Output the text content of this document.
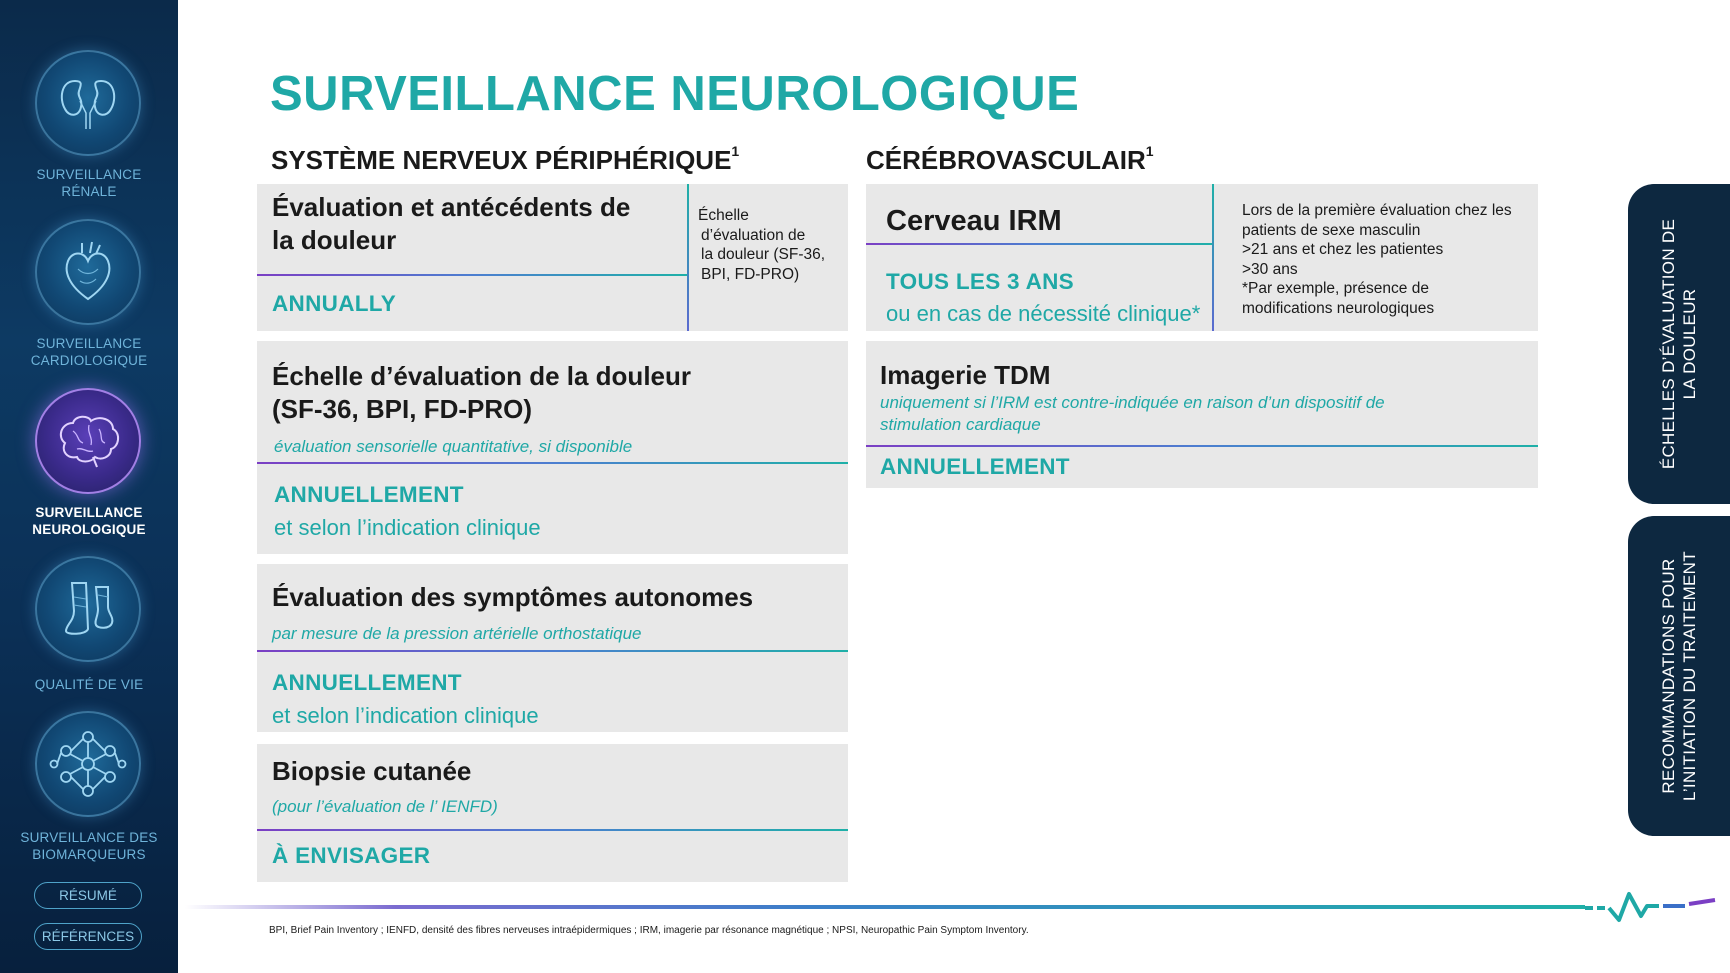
SURVEILLANCE
RÉNALE
SURVEILLANCE
CARDIOLOGIQUE
SURVEILLANCE
NEUROLOGIQUE
QUALITÉ DE VIE
SURVEILLANCE DES
BIOMARQUEURS
RÉSUMÉ
RÉFÉRENCES
SURVEILLANCE NEUROLOGIQUE
SYSTÈME NERVEUX PÉRIPHÉRIQUE$^1$	CÉRÉBROVASCULAIR$^1$
Évaluation et antécédents de
la douleur
ANNUALLY
Échelle
d’évaluation de
la douleur (SF-36,
BPI, FD-PRO)
Échelle d’évaluation de la douleur
(SF-36, BPI, FD-PRO)
évaluation sensorielle quantitative, si disponible
ANNUELLEMENT
et selon l’indication clinique
Évaluation des symptômes autonomes
par mesure de la pression artérielle orthostatique
ANNUELLEMENT
et selon l’indication clinique
Biopsie cutanée
(pour l’évaluation de l’ IENFD)
À ENVISAGER
Cerveau IRM
TOUS LES 3 ANS
ou en cas de nécessité clinique*
Lors de la première évaluation chez les
patients de sexe masculin
>21 ans et chez les patientes
>30 ans
*Par exemple, présence de
modifications neurologiques
Imagerie TDM
uniquement si l’IRM est contre-indiquée en raison d’un dispositif de
stimulation cardiaque
ANNUELLEMENT	ÉCHELLES D’ÉVALUATION DE LA DOULEUR
RECOMMANDATIONS POUR L’INITIATION DU TRAITEMENT
BPI, Brief Pain Inventory ; IENFD, densité des fibres nerveuses intraépidermiques ; IRM, imagerie par résonance magnétique ; NPSI, Neuropathic Pain Symptom Inventory.
